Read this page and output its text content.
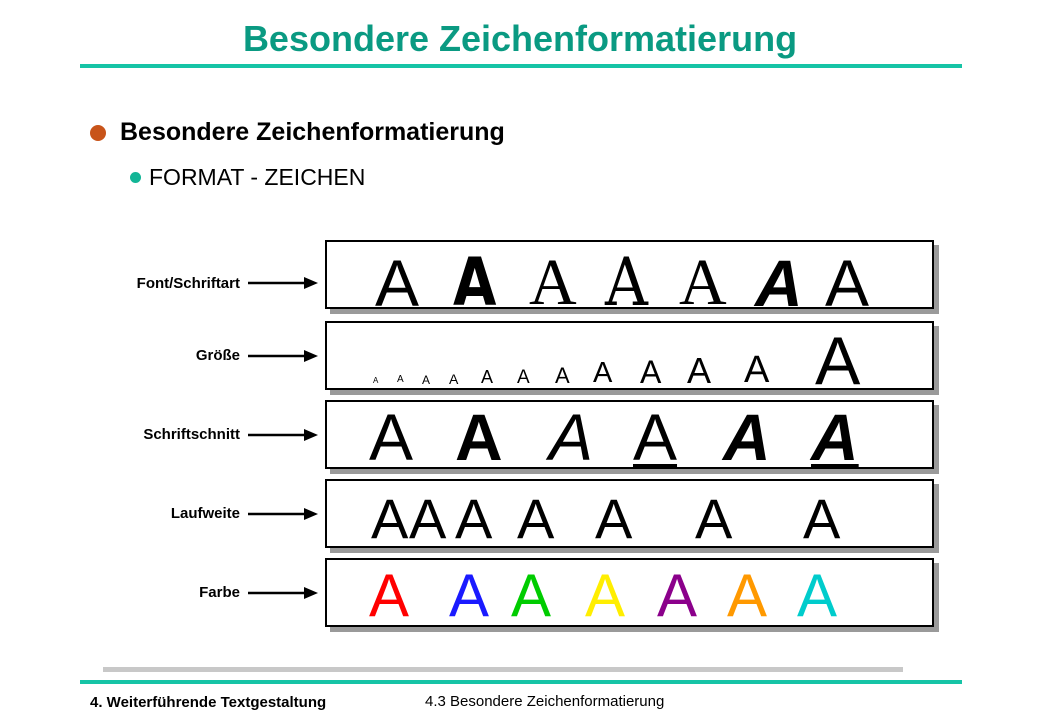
Besondere Zeichenformatierung
Besondere Zeichenformatierung
FORMAT - ZEICHEN
Font/Schriftart
Größe
Schriftschnitt
Laufweite
Farbe
A A A A A A A
A A A A A A A A A A A A
A A A A A A
A A A A A A A
A A A A A A A
4. Weiterführende Textgestaltung	4.3 Besondere Zeichenformatierung
